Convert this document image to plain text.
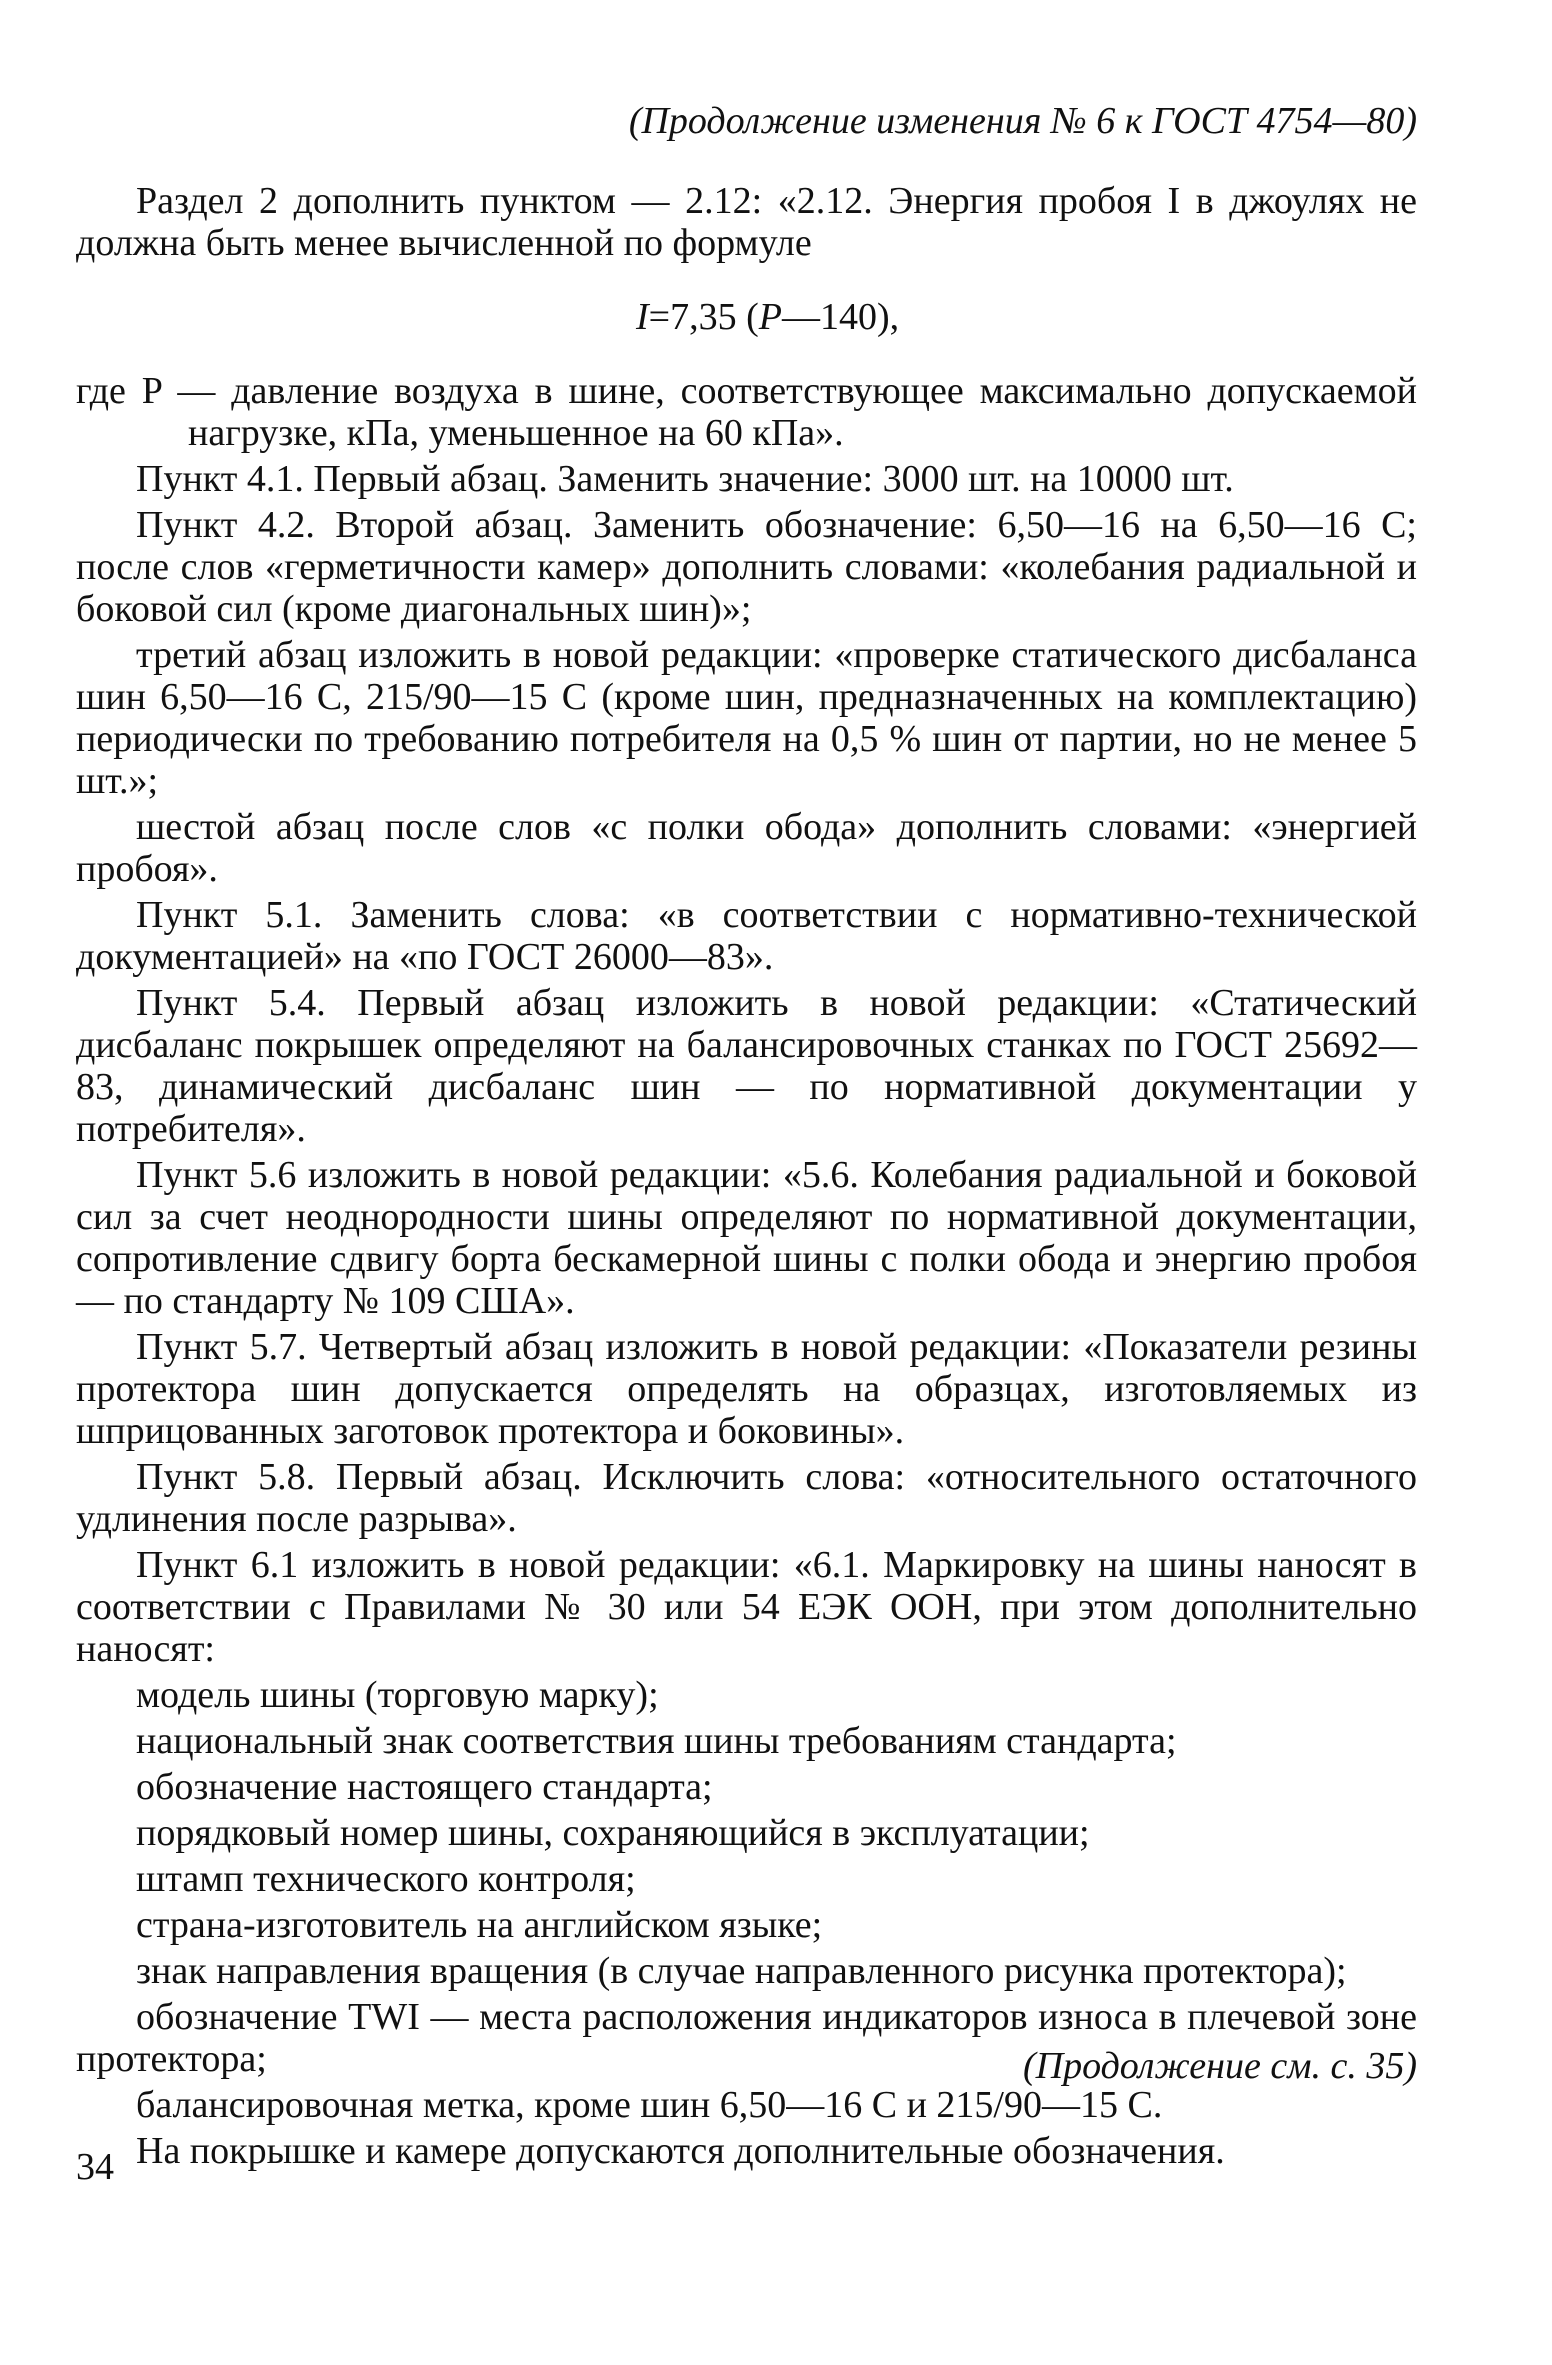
(Продолжение изменения № 6 к ГОСТ 4754—80)
Раздел 2 дополнить пунктом — 2.12: «2.12. Энергия пробоя I в джоулях не должна быть менее вычисленной по формуле
I=7,35 (P—140),
где P — давление воздуха в шине, соответствующее максимально допускаемой нагрузке, кПа, уменьшенное на 60 кПа».
Пункт 4.1. Первый абзац. Заменить значение: 3000 шт. на 10000 шт.
Пункт 4.2. Второй абзац. Заменить обозначение: 6,50—16 на 6,50—16 С; после слов «герметичности камер» дополнить словами: «колебания радиальной и боковой сил (кроме диагональных шин)»;
третий абзац изложить в новой редакции: «проверке статического дисбаланса шин 6,50—16 С, 215/90—15 С (кроме шин, предназначенных на комплектацию) периодически по требованию потребителя на 0,5 % шин от партии, но не менее 5 шт.»;
шестой абзац после слов «с полки обода» дополнить словами: «энергией пробоя».
Пункт 5.1. Заменить слова: «в соответствии с нормативно-технической документацией» на «по ГОСТ 26000—83».
Пункт 5.4. Первый абзац изложить в новой редакции: «Статический дисбаланс покрышек определяют на балансировочных станках по ГОСТ 25692—83, динамический дисбаланс шин — по нормативной документации у потребителя».
Пункт 5.6 изложить в новой редакции: «5.6. Колебания радиальной и боковой сил за счет неоднородности шины определяют по нормативной документации, сопротивление сдвигу борта бескамерной шины с полки обода и энергию пробоя — по стандарту № 109 США».
Пункт 5.7. Четвертый абзац изложить в новой редакции: «Показатели резины протектора шин допускается определять на образцах, изготовляемых из шприцованных заготовок протектора и боковины».
Пункт 5.8. Первый абзац. Исключить слова: «относительного остаточного удлинения после разрыва».
Пункт 6.1 изложить в новой редакции: «6.1. Маркировку на шины наносят в соответствии с Правилами № 30 или 54 ЕЭК ООН, при этом дополнительно наносят:
модель шины (торговую марку);
национальный знак соответствия шины требованиям стандарта;
обозначение настоящего стандарта;
порядковый номер шины, сохраняющийся в эксплуатации;
штамп технического контроля;
страна-изготовитель на английском языке;
знак направления вращения (в случае направленного рисунка протектора);
обозначение TWI — места расположения индикаторов износа в плечевой зоне протектора;
балансировочная метка, кроме шин 6,50—16 С и 215/90—15 С.
На покрышке и камере допускаются дополнительные обозначения.
(Продолжение см. с. 35)
34
